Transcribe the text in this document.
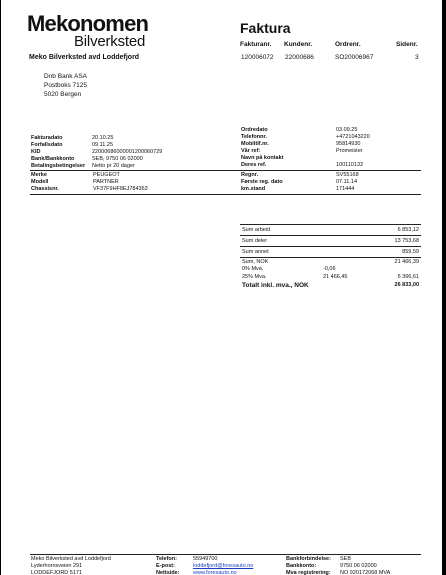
Mekonomen
Bilverksted
Meko Bilverksted avd Loddefjord
Faktura
Fakturanr. Kundenr.	Ordrenr.	Sidenr.
120006072 22000686	SO20006967	3
Dnb Bank ASA
Postboks 7125
5020 Bergen
Fakturadato	20.10.25
Forfallsdato	09.11.25
KID	22000686000001200060729
Bank/Bankkonto	SEB, 9750 06 02000
Betalingsbetingelser Netto pr 20 dager
Ordredato	03.09.25
Telefonnr.	+4721043220
Mobiltlf.nr.	95814930
Vår ref:	Promeister
Navn på kontakt
Deres ref.	100110132
Merke	PEUGEOT
Modell	PARTNER
Chassisnr.	VF37F9HF8EJ784363
Regnr.	SV55168
Første reg. dato	07.11.14
km.stand	171444
Sum arbeid	6 853,12
Sum deler	13 753,68
Sum annet	859,59
Sum, NOK	21 466,39
0% Mva.	-0,06
25% Mva.	21 466,45	5 366,61
Totalt inkl. mva., NOK	26 833,00
Meko Bilverksted avd Loddefjord
Lyderhornsveien 291
LODDEFJORD 5171
Telefon:	55949700
E-post:	loddefjord@foresauto.no
Nettside: www.foresauto.no
Bankforbindelse: SEB
Bankkonto:	9750 06 02000
Mva registrering: NO 920172068 MVA
